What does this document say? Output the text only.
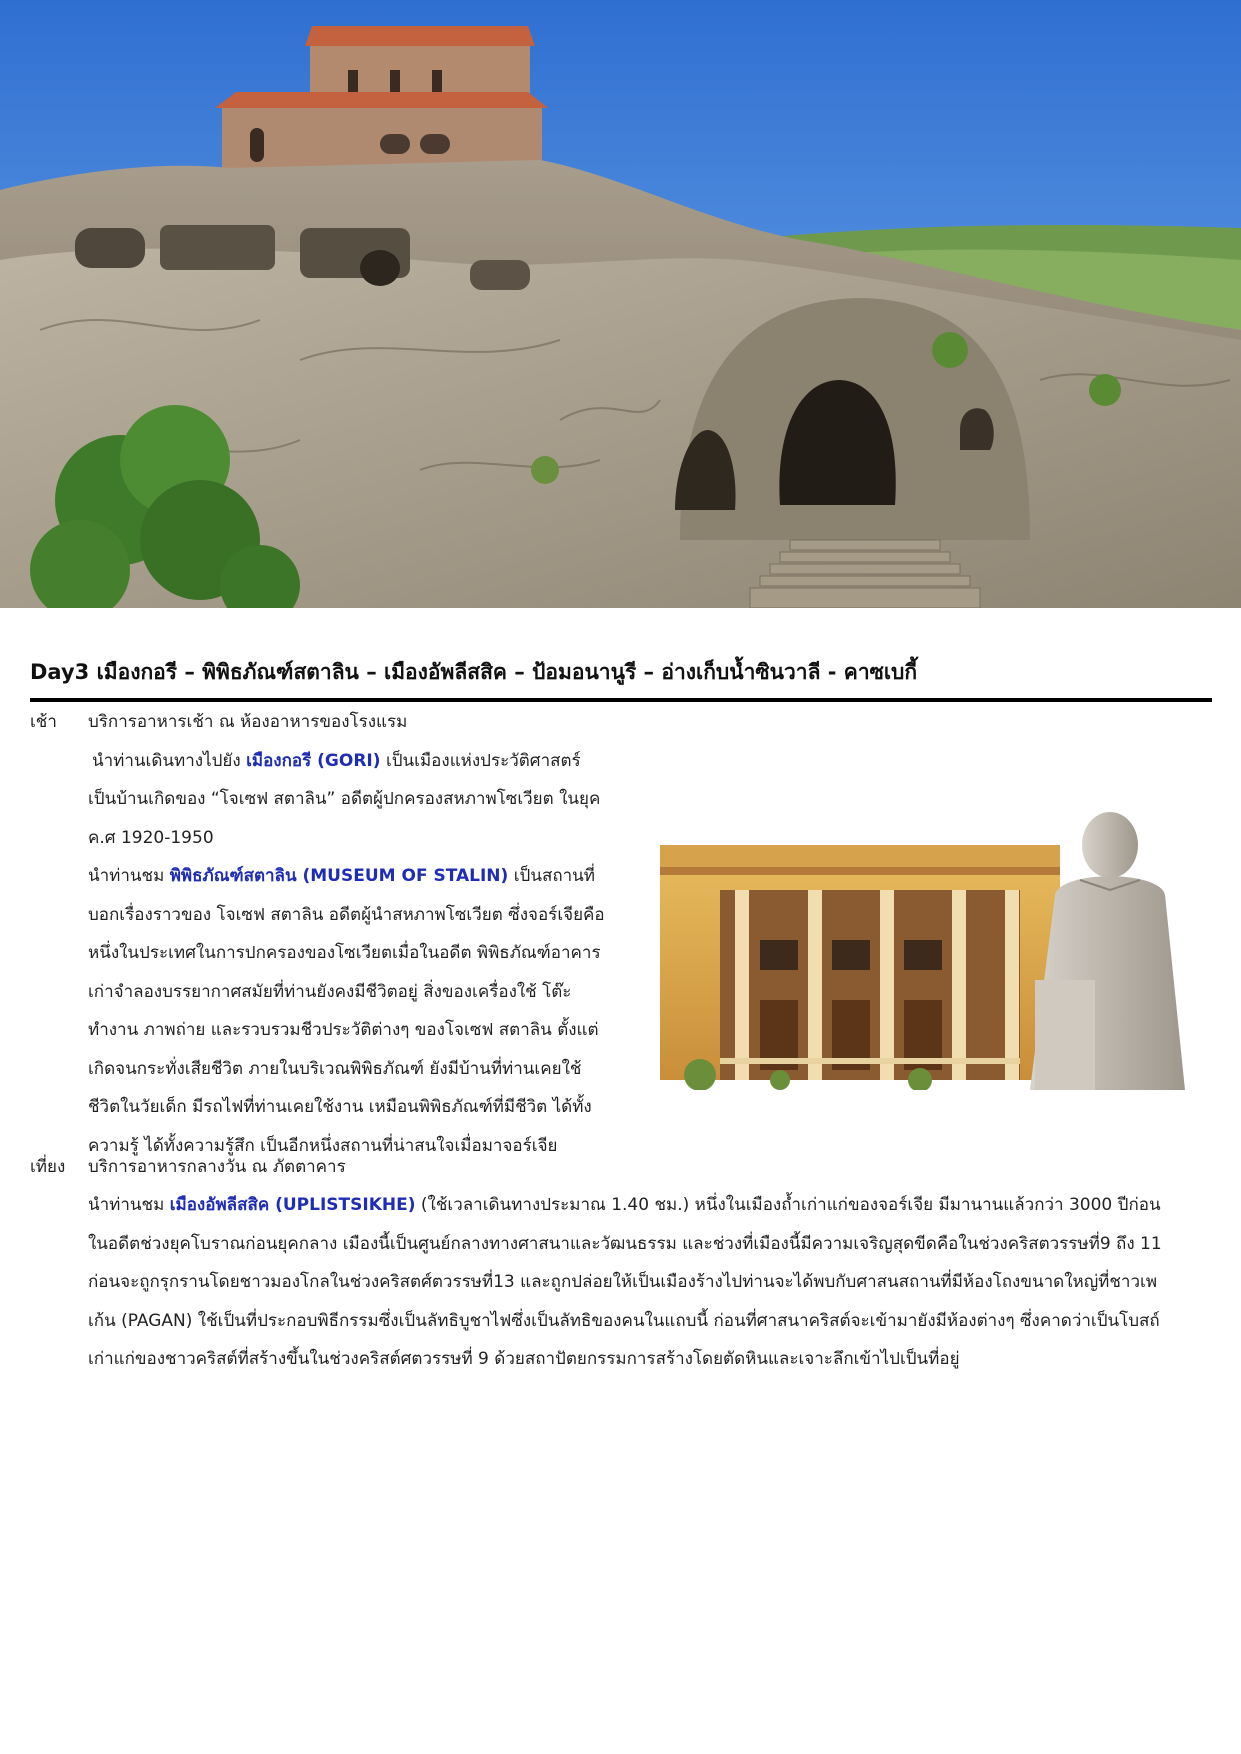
Day3 เมืองกอรี – พิพิธภัณฑ์สตาลิน – เมืองอัพลีสสิค – ป้อมอนานูรี – อ่างเก็บน้ำซินวาลี - คาซเบกี้
เช้า บริการอาหารเช้า ณ ห้องอาหารของโรงแรม
นำท่านเดินทางไปยัง เมืองกอรี (GORI) เป็นเมืองแห่งประวัติศาสตร์
เป็นบ้านเกิดของ “โจเซฟ สตาลิน” อดีตผู้ปกครองสหภาพโซเวียต ในยุค
ค.ศ 1920-1950
นำท่านชม พิพิธภัณฑ์สตาลิน (MUSEUM OF STALIN) เป็นสถานที่
บอกเรื่องราวของ โจเซฟ สตาลิน อดีตผู้นำสหภาพโซเวียต ซึ่งจอร์เจียคือ
หนึ่งในประเทศในการปกครองของโซเวียตเมื่อในอดีต พิพิธภัณฑ์อาคาร
เก่าจำลองบรรยากาศสมัยที่ท่านยังคงมีชีวิตอยู่ สิ่งของเครื่องใช้ โต๊ะ
ทำงาน ภาพถ่าย และรวบรวมชีวประวัติต่างๆ ของโจเซฟ สตาลิน ตั้งแต่
เกิดจนกระทั่งเสียชีวิต ภายในบริเวณพิพิธภัณฑ์ ยังมีบ้านที่ท่านเคยใช้
ชีวิตในวัยเด็ก มีรถไฟที่ท่านเคยใช้งาน เหมือนพิพิธภัณฑ์ที่มีชีวิต ได้ทั้ง
ความรู้ ได้ทั้งความรู้สึก เป็นอีกหนึ่งสถานที่น่าสนใจเมื่อมาจอร์เจีย
เที่ยง บริการอาหารกลางวัน ณ ภัตตาคาร
นำท่านชม เมืองอัพลีสสิค (UPLISTSIKHE) (ใช้เวลาเดินทางประมาณ 1.40 ชม.) หนึ่งในเมืองถ้ำเก่าแก่ของจอร์เจีย มีมานานแล้วกว่า 3000 ปีก่อน
ในอดีตช่วงยุคโบราณก่อนยุคกลาง เมืองนี้เป็นศูนย์กลางทางศาสนาและวัฒนธรรม และช่วงที่เมืองนี้มีความเจริญสุดขีดคือในช่วงคริสตวรรษที่9 ถึง 11
ก่อนจะถูกรุกรานโดยชาวมองโกลในช่วงคริสตศ์ตวรรษที่13 และถูกปล่อยให้เป็นเมืองร้างไปท่านจะได้พบกับศาสนสถานที่มีห้องโถงขนาดใหญ่ที่ชาวเพ
เก้น (PAGAN) ใช้เป็นที่ประกอบพิธีกรรมซึ่งเป็นลัทธิบูชาไฟซึ่งเป็นลัทธิของคนในแถบนี้ ก่อนที่ศาสนาคริสต์จะเข้ามายังมีห้องต่างๆ ซึ่งคาดว่าเป็นโบสถ์
เก่าแก่ของชาวคริสต์ที่สร้างขึ้นในช่วงคริสต์ศตวรรษที่ 9 ด้วยสถาปัตยกรรมการสร้างโดยตัดหินและเจาะลึกเข้าไปเป็นที่อยู่
